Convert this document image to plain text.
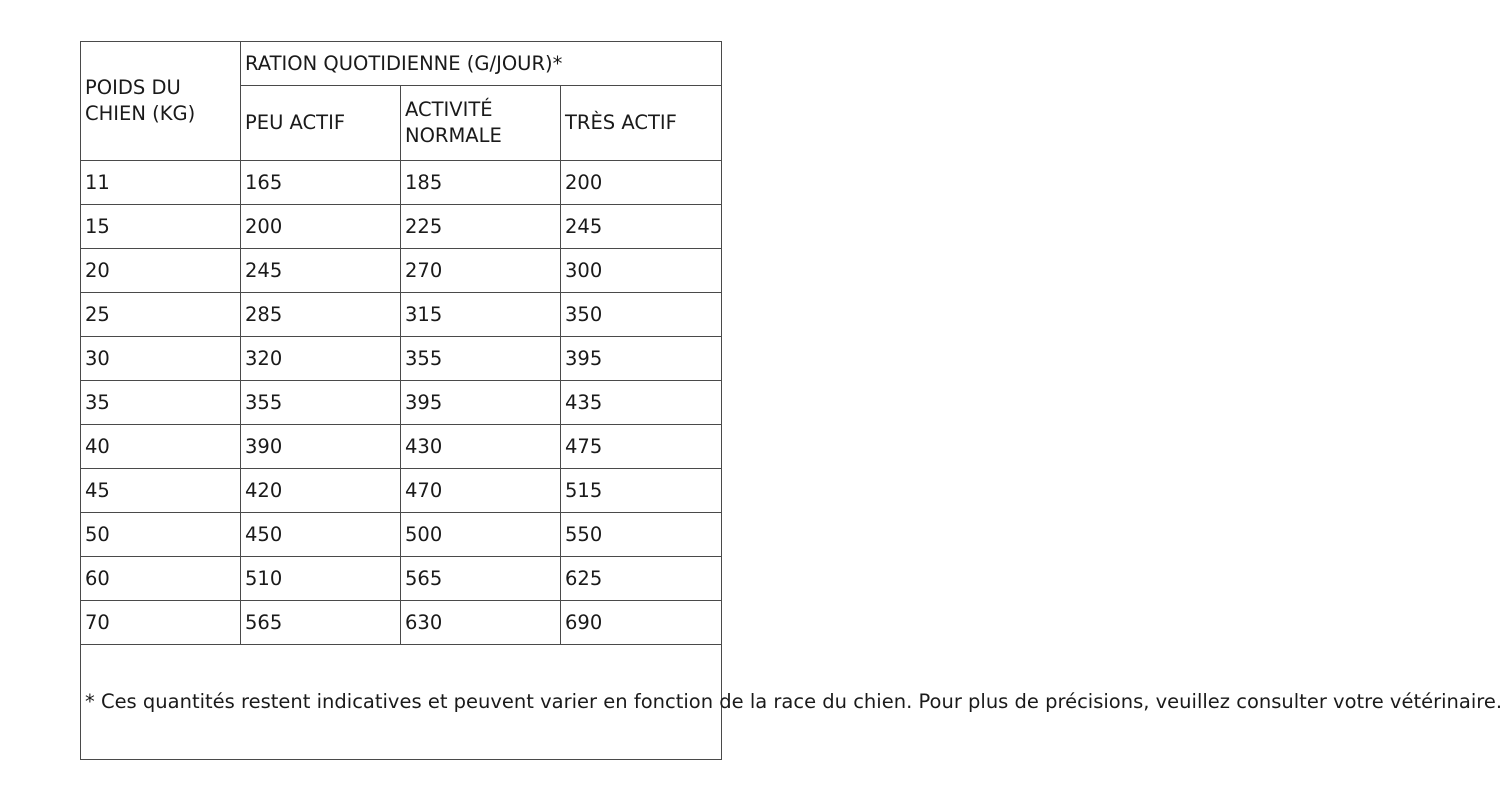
POIDS DU CHIEN (KG)	RATION QUOTIDIENNE (G/JOUR)*		
	PEU ACTIF	ACTIVITÉ NORMALE	TRÈS ACTIF
11	165	185	200
15	200	225	245
20	245	270	300
25	285	315	350
30	320	355	395
35	355	395	435
40	390	430	475
45	420	470	515
50	450	500	550
60	510	565	625
70	565	630	690
* Ces quantités restent indicatives et peuvent varier en fonction de la race du chien. Pour plus de précisions, veuillez consulter votre vétérinaire.			
